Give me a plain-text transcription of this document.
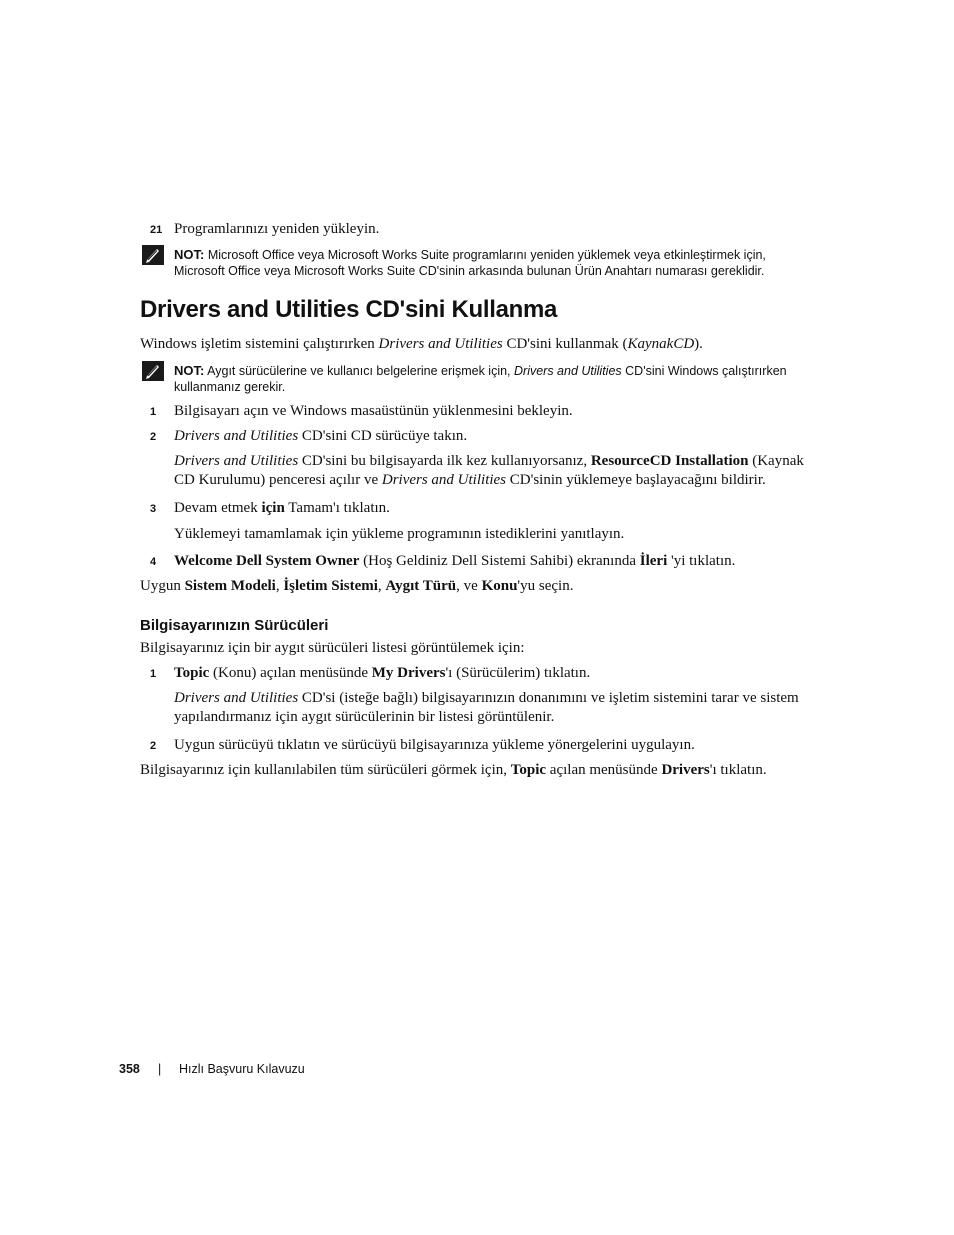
21 Programlarınızı yeniden yükleyin.
NOT: Microsoft Office veya Microsoft Works Suite programlarını yeniden yüklemek veya etkinleştirmek için,
Microsoft Office veya Microsoft Works Suite CD'sinin arkasında bulunan Ürün Anahtarı numarası gereklidir.
Drivers and Utilities CD'sini Kullanma
Windows işletim sistemini çalıştırırken Drivers and Utilities CD'sini kullanmak (KaynakCD).
NOT: Aygıt sürücülerine ve kullanıcı belgelerine erişmek için, Drivers and Utilities CD'sini Windows çalıştırırken
kullanmanız gerekir.
1	Bilgisayarı açın ve Windows masaüstünün yüklenmesini bekleyin.
2	Drivers and Utilities CD'sini CD sürücüye takın.
Drivers and Utilities CD'sini bu bilgisayarda ilk kez kullanıyorsanız, ResourceCD Installation (Kaynak
CD Kurulumu) penceresi açılır ve Drivers and Utilities CD'sinin yüklemeye başlayacağını bildirir.
3	Devam etmek için Tamam'ı tıklatın.
Yüklemeyi tamamlamak için yükleme programının istediklerini yanıtlayın.
4	Welcome Dell System Owner (Hoş Geldiniz Dell Sistemi Sahibi) ekranında İleri 'yi tıklatın.
Uygun Sistem Modeli, İşletim Sistemi, Aygıt Türü, ve Konu'yu seçin.
Bilgisayarınızın Sürücüleri
Bilgisayarınız için bir aygıt sürücüleri listesi görüntülemek için:
1	Topic (Konu) açılan menüsünde My Drivers'ı (Sürücülerim) tıklatın.
Drivers and Utilities CD'si (isteğe bağlı) bilgisayarınızın donanımını ve işletim sistemini tarar ve sistem
yapılandırmanız için aygıt sürücülerinin bir listesi görüntülenir.
2	Uygun sürücüyü tıklatın ve sürücüyü bilgisayarınıza yükleme yönergelerini uygulayın.
Bilgisayarınız için kullanılabilen tüm sürücüleri görmek için, Topic açılan menüsünde Drivers'ı tıklatın.
358 | Hızlı Başvuru Kılavuzu
